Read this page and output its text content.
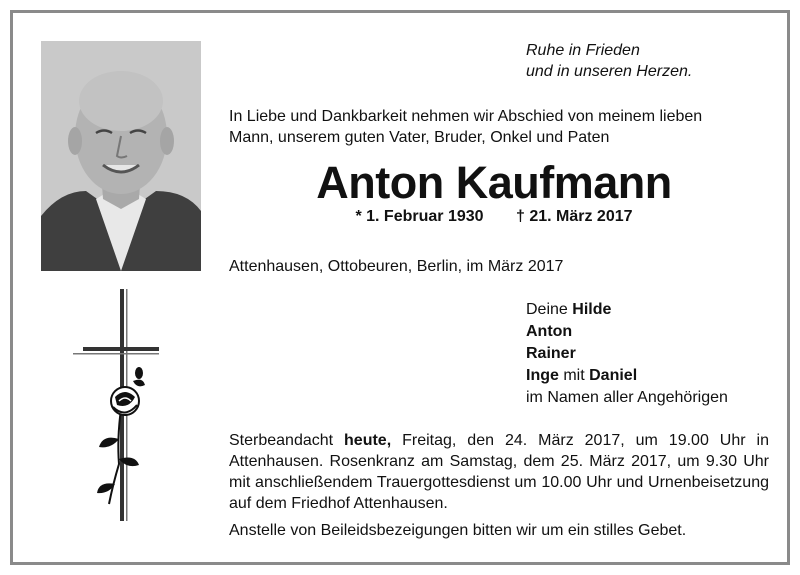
Ruhe in Frieden
und in unseren Herzen.
In Liebe und Dankbarkeit nehmen wir Abschied von meinem lieben
Mann, unserem guten Vater, Bruder, Onkel und Paten
Anton Kaufmann
* 1. Februar 1930 † 21. März 2017
Attenhausen, Ottobeuren, Berlin, im März 2017
Deine Hilde
Anton
Rainer
Inge mit Daniel
im Namen aller Angehörigen
Sterbeandacht heute, Freitag, den 24. März 2017, um 19.00 Uhr in Attenhausen. Rosenkranz am Samstag, dem 25. März 2017, um 9.30 Uhr mit anschließendem Trauergottesdienst um 10.00 Uhr und Urnenbeisetzung auf dem Friedhof Attenhausen.
Anstelle von Beileidsbezeigungen bitten wir um ein stilles Gebet.
